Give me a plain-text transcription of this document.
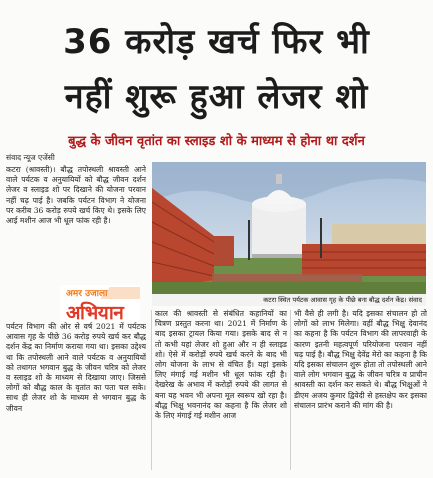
36 करोड़ खर्च फिर भी
नहीं शुरू हुआ लेजर शो
बुद्ध के जीवन वृतांत का स्लाइड शो के माध्यम से होना था दर्शन
संवाद न्यूज एजेंसी

कटरा (श्रावस्ती)। बौद्ध तपोस्थली श्रावस्ती आने वाले पर्यटक व अनुयायियों को बौद्ध जीवन दर्शन लेजर व स्लाइड शो पर दिखाने की योजना परवान नहीं चढ़ पाई है। जबकि पर्यटन विभाग ने योजना पर करीब 36 करोड़ रुपये खर्च किए थे। इसके लिए आई मशीन आज भी धूल फांक रही है।

अमर उजाला
अभियान

पर्यटन विभाग की ओर से वर्ष 2021 में पर्यटक आवास गृह के पीछे 36 करोड़ रुपये खर्च कर बौद्ध दर्शन केंद्र का निर्माण कराया गया था। इसका उद्देश्य था कि तपोस्थली आने वाले पर्यटक व अनुयायियों को तथागत भगवान बुद्ध के जीवन चरित्र को लेजर व स्लाइड शो के माध्यम से दिखाया जाए। जिससे लोगों को बौद्ध काल के वृतांत का पता चल सके। साथ ही लेजर शो के माध्यम से भगवान बुद्ध के जीवन

कटरा स्थित पर्यटक आवास गृह के पीछे बना बौद्ध दर्शन केंद्र। संवाद

काल की श्रावस्ती से संबंधित कहानियों का चित्रण प्रस्तुत करना था। 2021 में निर्माण के बाद इसका ट्रायल किया गया। इसके बाद से न तो कभी यहां लेजर शो हुआ और न ही स्लाइड शो। ऐसे में करोड़ों रुपये खर्च करने के बाद भी लोग योजना के लाभ से वंचित हैं। यहां इसके लिए मंगाई गई मशीन भी धूल फांक रही है। देखरेख के अभाव में करोड़ों रुपये की लागत से बना यह भवन भी अपना मूल स्वरूप खो रहा है। बौद्ध भिक्षु भवनानंद का कहना है कि लेजर शो के लिए मंगाई गई मशीन आज

भी वैसे ही लगी है। यदि इसका संचालन हो तो लोगों को लाभ मिलेगा। वहीं बौद्ध भिक्षु देवानंद का कहना है कि पर्यटन विभाग की लापरवाही के कारण इतनी महत्वपूर्ण परियोजना परवान नहीं चढ़ पाई है। बौद्ध भिक्षु देवेंद्र मेरो का कहना है कि यदि इसका संचालन शुरू होता तो तपोस्थली आने वाले लोग भगवान बुद्ध के जीवन चरित्र व प्राचीन श्रावस्ती का दर्शन कर सकते थे। बौद्ध भिक्षुओं ने डीएम अजय कुमार द्विवेदी से हस्तक्षेप कर इसका संचालन प्रारंभ कराने की मांग की है।
